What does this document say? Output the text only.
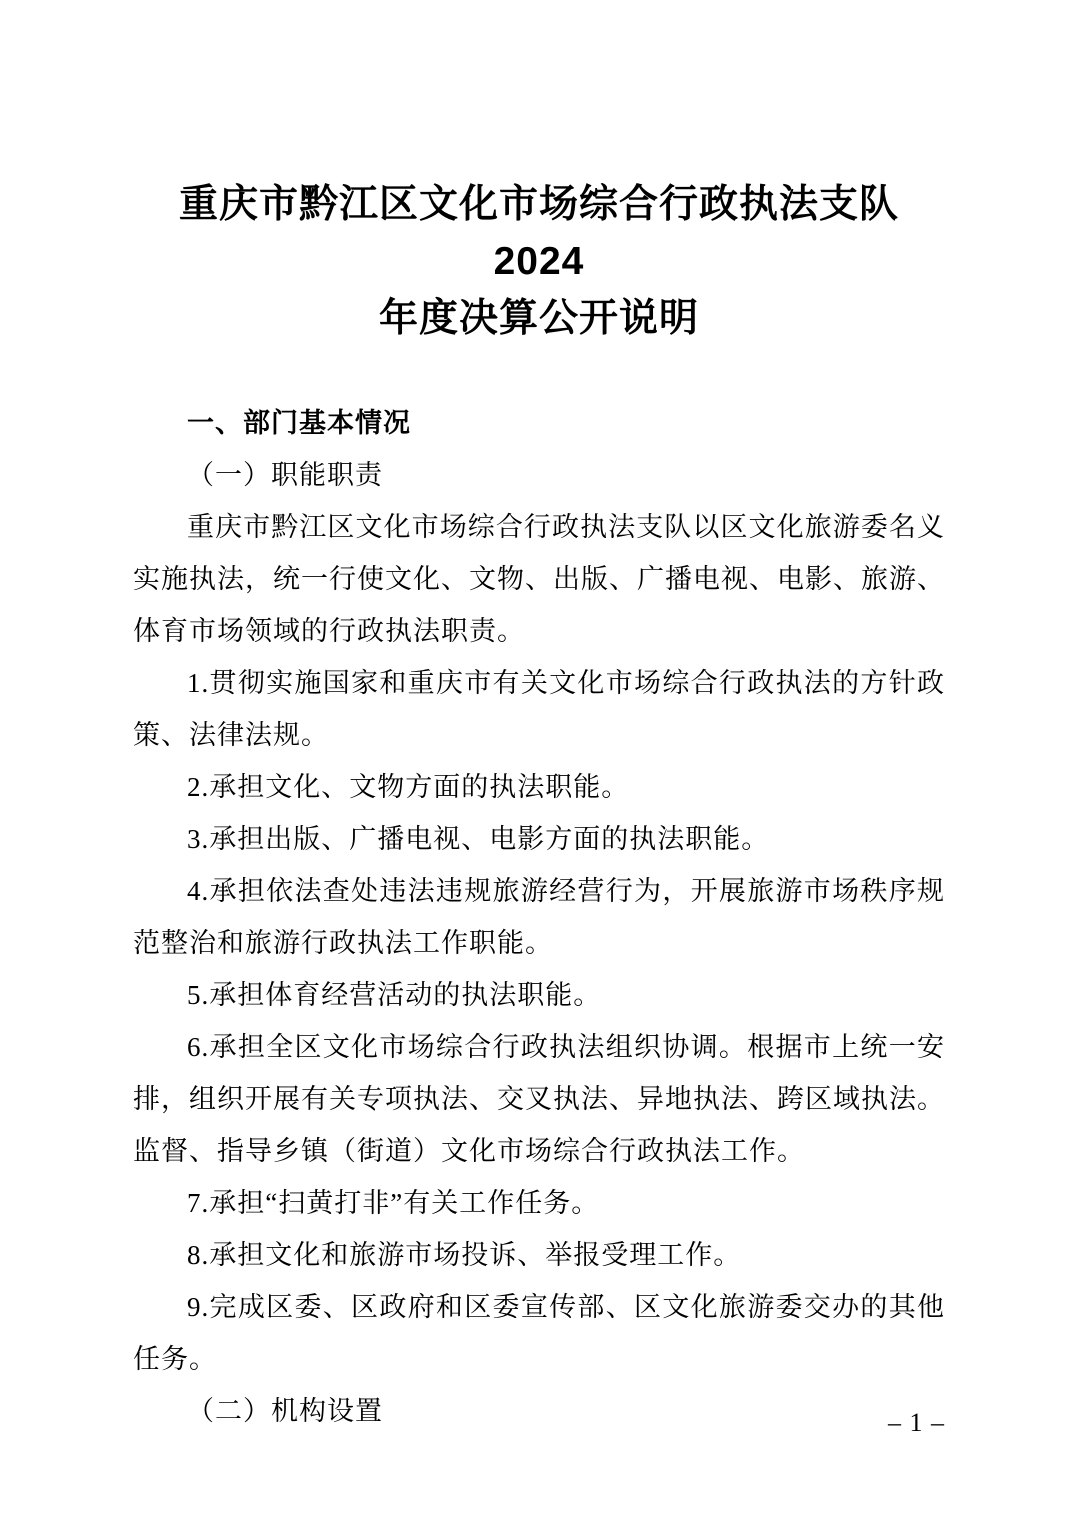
重庆市黔江区文化市场综合行政执法支队 2024
年度决算公开说明

一、部门基本情况

（一）职能职责

重庆市黔江区文化市场综合行政执法支队以区文化旅游委名义实施执法，统一行使文化、文物、出版、广播电视、电影、旅游、体育市场领域的行政执法职责。

1.贯彻实施国家和重庆市有关文化市场综合行政执法的方针政策、法律法规。

2.承担文化、文物方面的执法职能。

3.承担出版、广播电视、电影方面的执法职能。

4.承担依法查处违法违规旅游经营行为，开展旅游市场秩序规范整治和旅游行政执法工作职能。

5.承担体育经营活动的执法职能。

6.承担全区文化市场综合行政执法组织协调。根据市上统一安排，组织开展有关专项执法、交叉执法、异地执法、跨区域执法。监督、指导乡镇（街道）文化市场综合行政执法工作。

7.承担“扫黄打非”有关工作任务。

8.承担文化和旅游市场投诉、举报受理工作。

9.完成区委、区政府和区委宣传部、区文化旅游委交办的其他任务。

（二）机构设置	– 1 –
